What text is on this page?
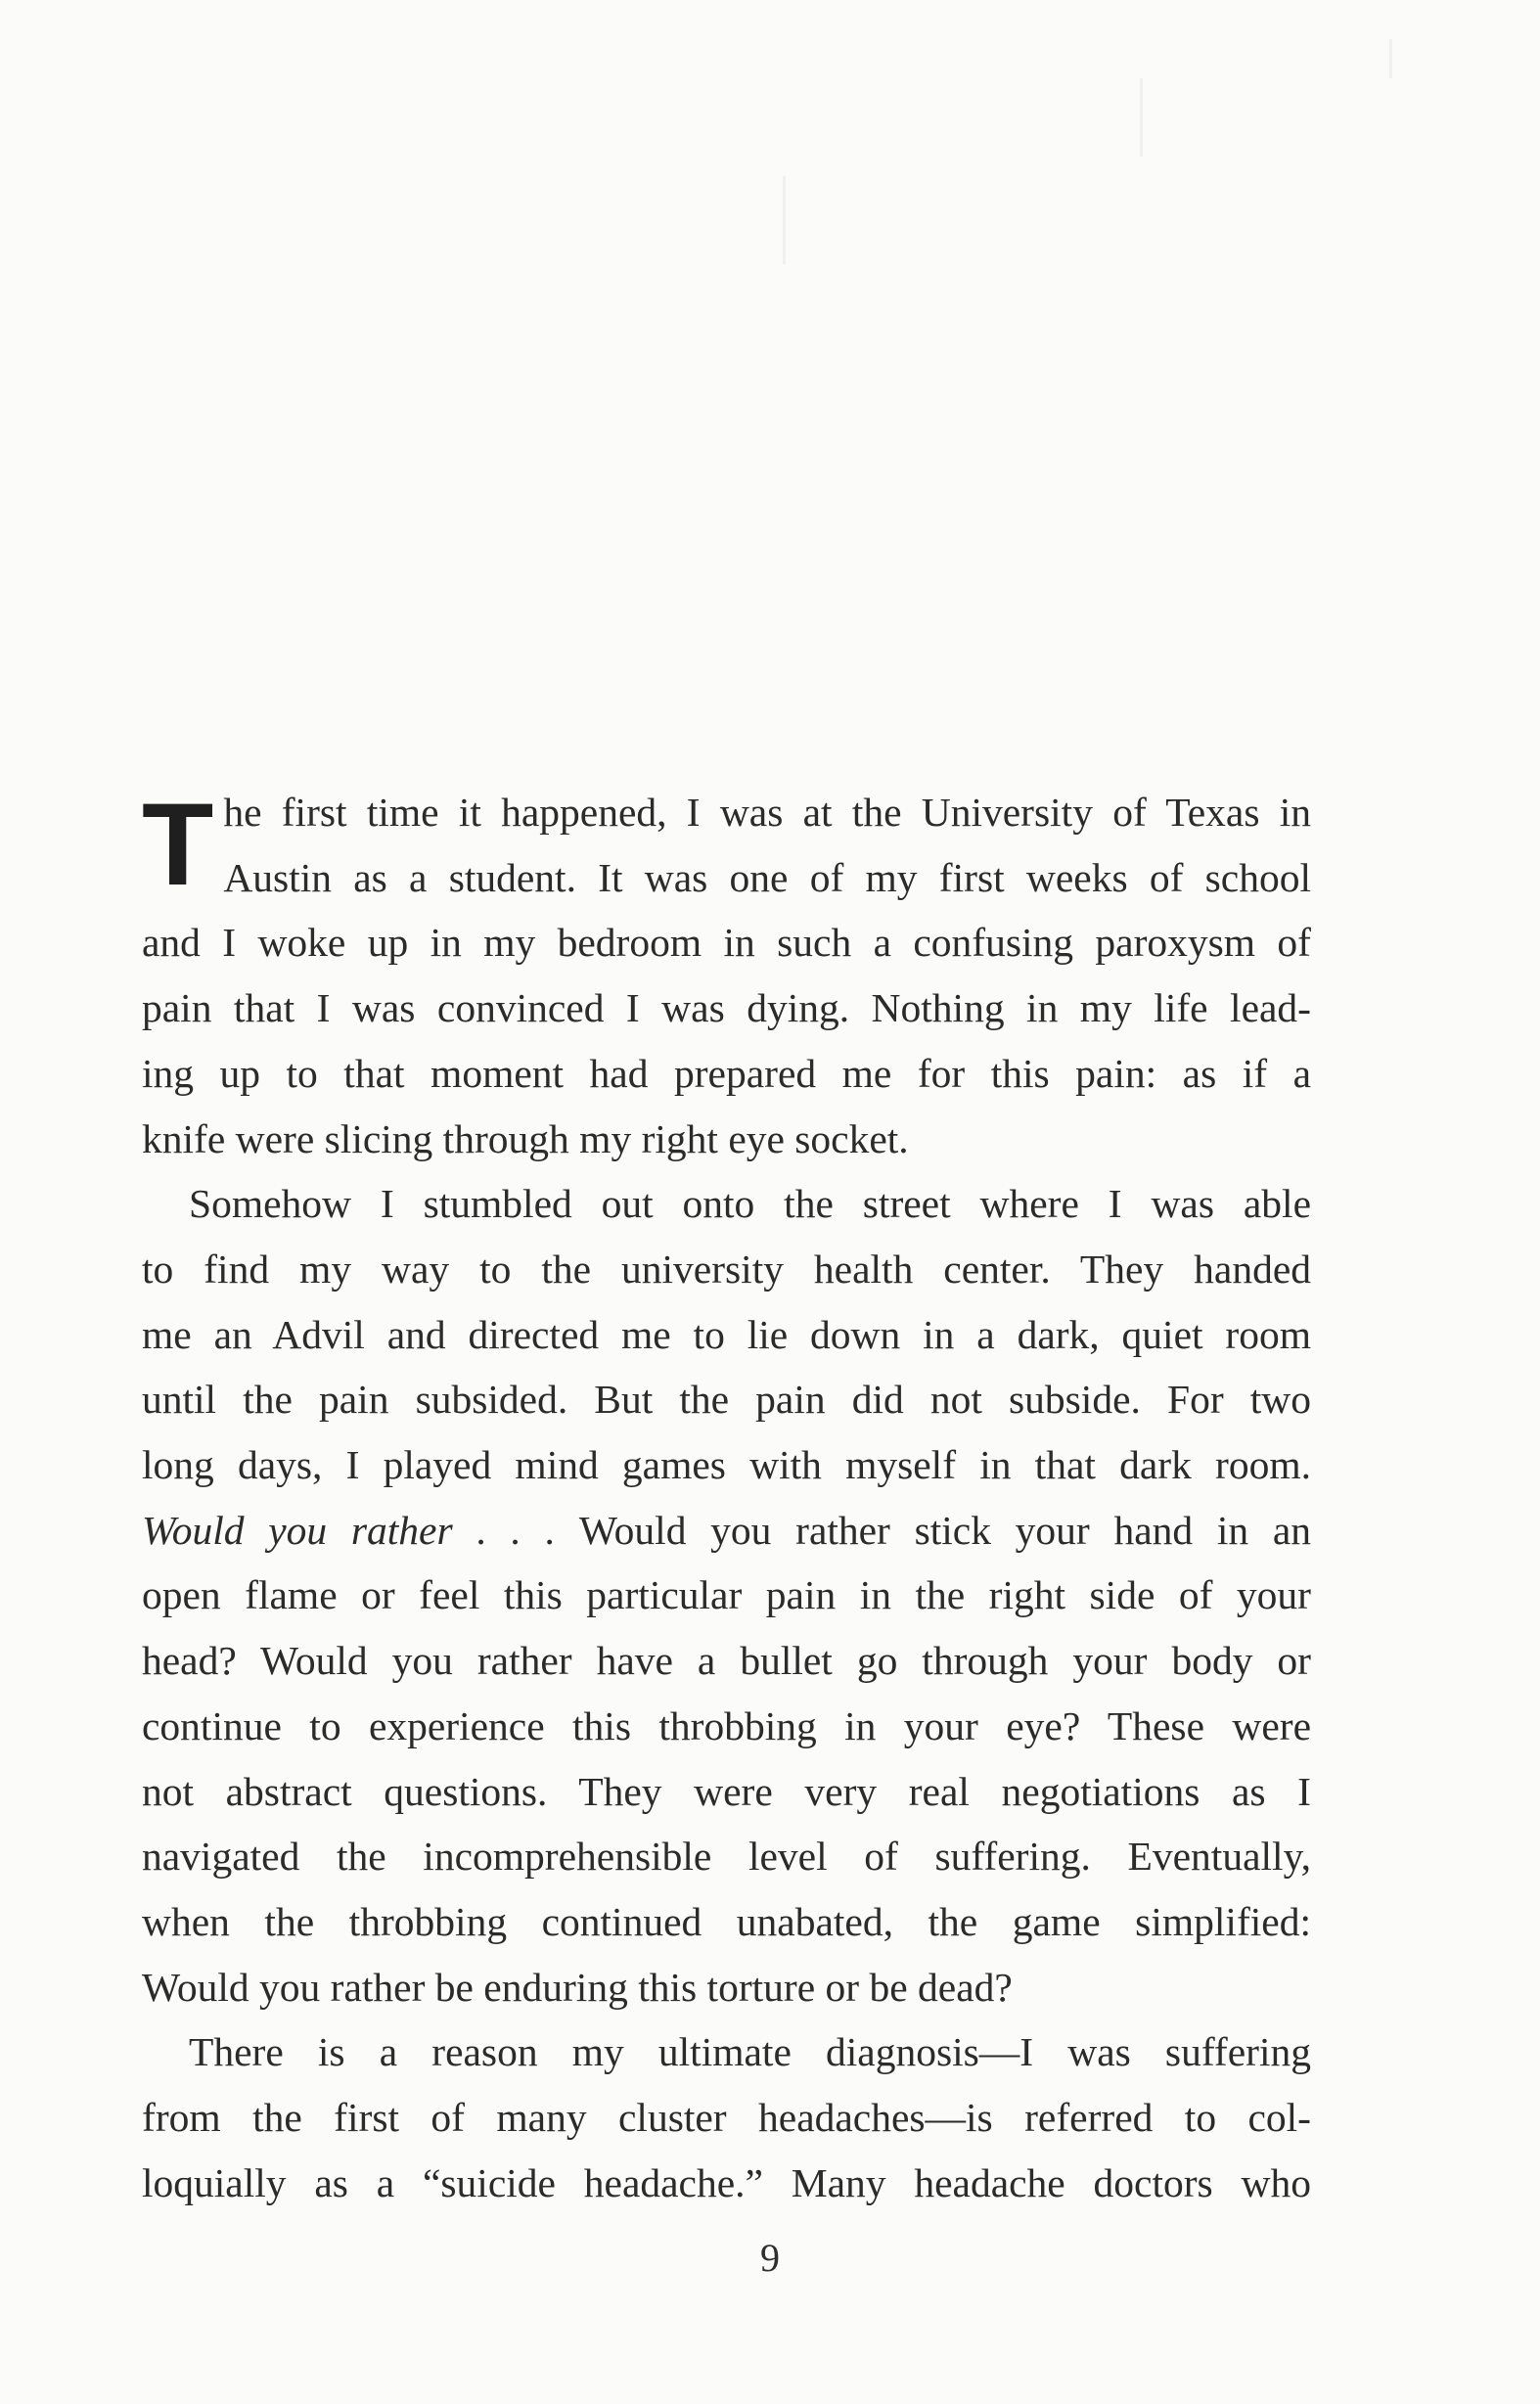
T he first time it happened, I was at the University of Texas in
Austin as a student. It was one of my first weeks of school
and I woke up in my bedroom in such a confusing paroxysm of
pain that I was convinced I was dying. Nothing in my life lead-
ing up to that moment had prepared me for this pain: as if a
knife were slicing through my right eye socket.

Somehow I stumbled out onto the street where I was able
to find my way to the university health center. They handed
me an Advil and directed me to lie down in a dark, quiet room
until the pain subsided. But the pain did not subside. For two
long days, I played mind games with myself in that dark room.
Would you rather . . . Would you rather stick your hand in an
open flame or feel this particular pain in the right side of your
head? Would you rather have a bullet go through your body or
continue to experience this throbbing in your eye? These were
not abstract questions. They were very real negotiations as I
navigated the incomprehensible level of suffering. Eventually,
when the throbbing continued unabated, the game simplified:
Would you rather be enduring this torture or be dead?

There is a reason my ultimate diagnosis—I was suffering
from the first of many cluster headaches—is referred to col-
loquially as a “suicide headache.” Many headache doctors who

9
